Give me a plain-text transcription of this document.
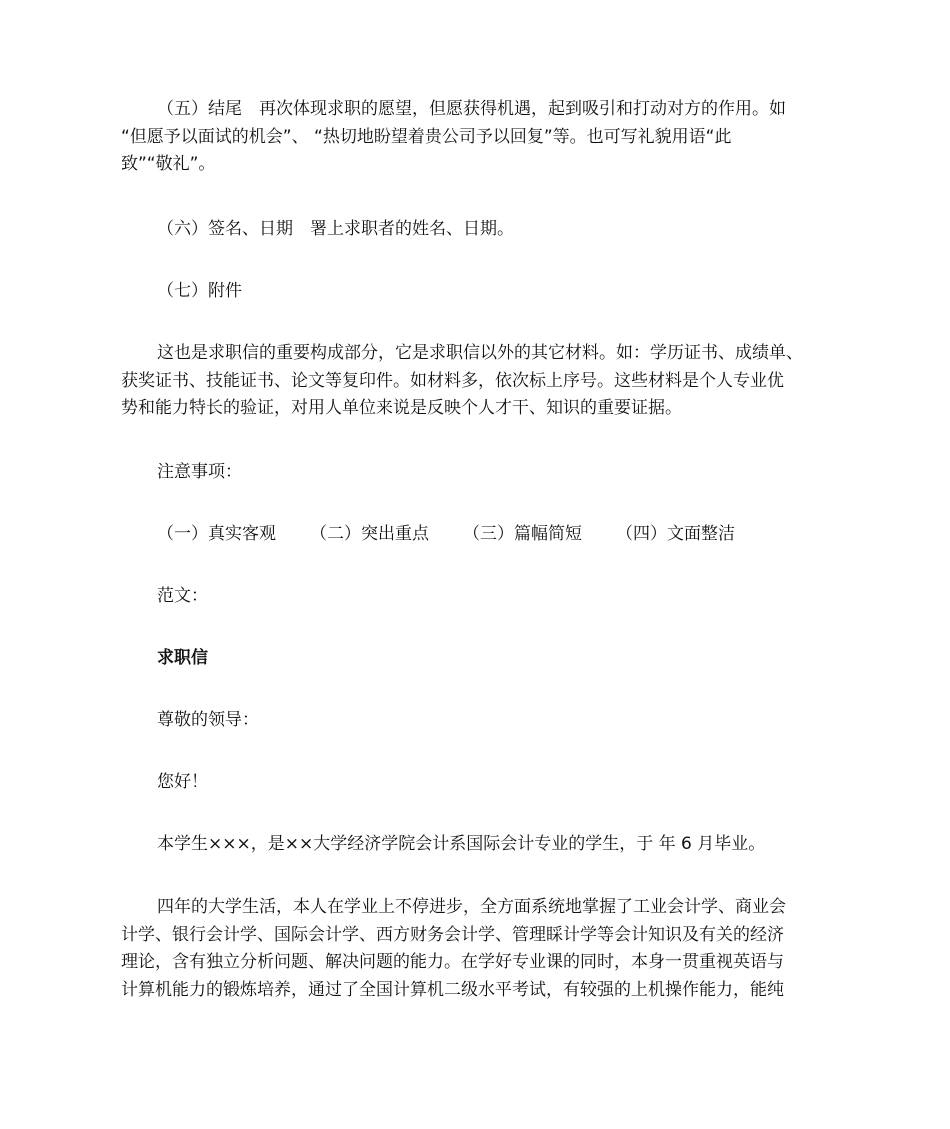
（五）结尾　再次体现求职的愿望，但愿获得机遇，起到吸引和打动对方的作用。如
“但愿予以面试的机会”、 “热切地盼望着贵公司予以回复”等。也可写礼貌用语“此
致”“敬礼”。

（六）签名、日期　署上求职者的姓名、日期。

（七）附件

这也是求职信的重要构成部分，它是求职信以外的其它材料。如：学历证书、成绩单、
获奖证书、技能证书、论文等复印件。如材料多，依次标上序号。这些材料是个人专业优
势和能力特长的验证，对用人单位来说是反映个人才干、知识的重要证据。

注意事项：

（一）真实客观 （二）突出重点 （三）篇幅简短 （四）文面整洁

范文：

求职信

尊敬的领导：

您好！

本学生×××，是××大学经济学院会计系国际会计专业的学生，于 年 6 月毕业。

四年的大学生活，本人在学业上不停进步，全方面系统地掌握了工业会计学、商业会
计学、银行会计学、国际会计学、西方财务会计学、管理睬计学等会计知识及有关的经济
理论，含有独立分析问题、解决问题的能力。在学好专业课的同时，本身一贯重视英语与
计算机能力的锻炼培养，通过了全国计算机二级水平考试，有较强的上机操作能力，能纯
